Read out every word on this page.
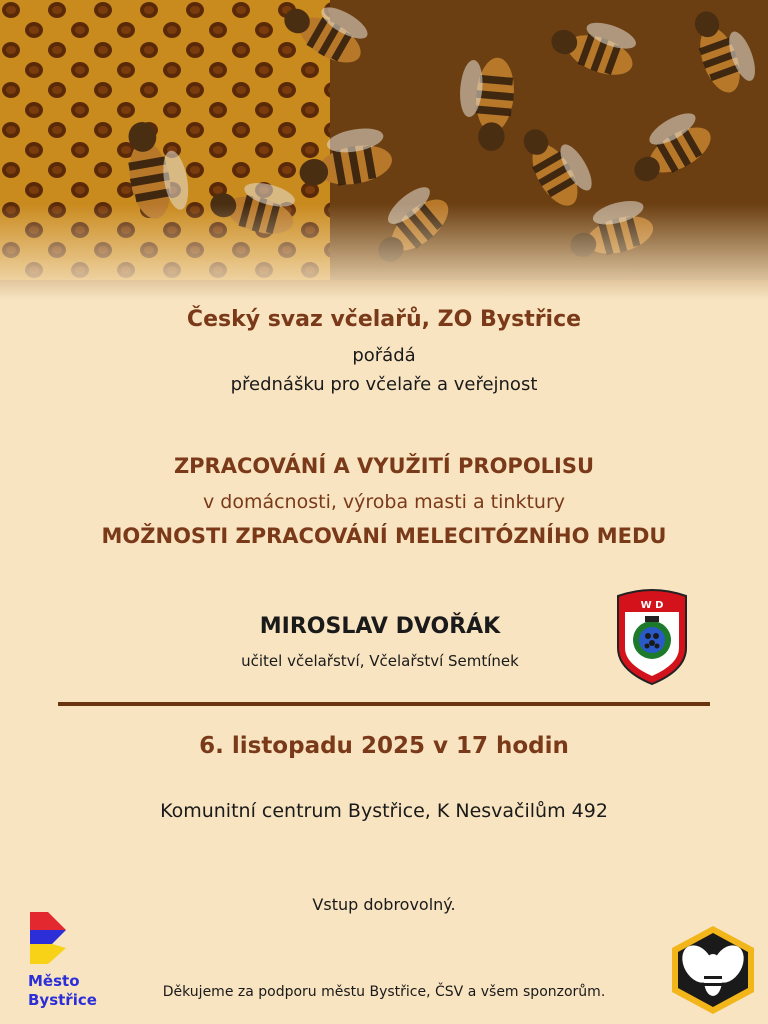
Český svaz včelařů, ZO Bystřice
pořádá
přednášku pro včelaře a veřejnost
ZPRACOVÁNÍ A VYUŽITÍ PROPOLISU
v domácnosti, výroba masti a tinktury
MOŽNOSTI ZPRACOVÁNÍ MELECITÓZNÍHO MEDU
MIROSLAV DVOŘÁK
učitel včelařství, Včelařství Semtínek
W D
6. listopadu 2025 v 17 hodin
Komunitní centrum Bystřice, K Nesvačilům 492
Vstup dobrovolný.
Město
Bystřice	Děkujeme za podporu městu Bystřice, ČSV a všem sponzorům.
